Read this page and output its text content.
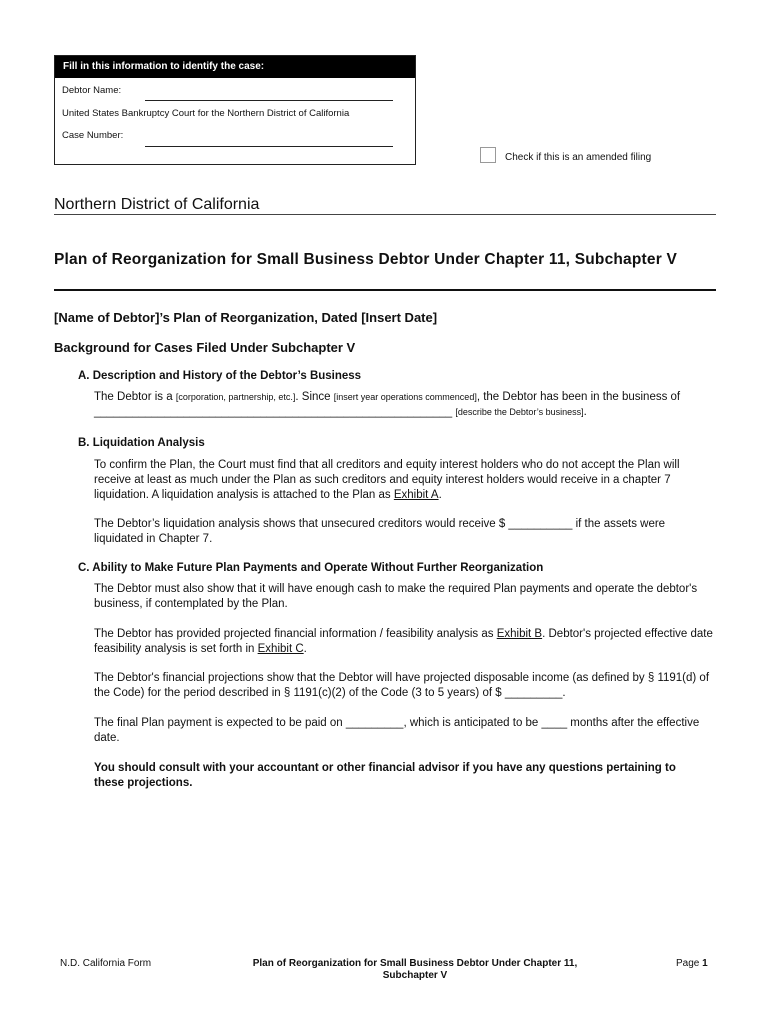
Fill in this information to identify the case:
Debtor Name:
United States Bankruptcy Court for the Northern District of California
Case Number:
Check if this is an amended filing
Northern District of California
Plan of Reorganization for Small Business Debtor Under Chapter 11, Subchapter V
[Name of Debtor]’s Plan of Reorganization, Dated [Insert Date]
Background for Cases Filed Under Subchapter V
A. Description and History of the Debtor’s Business
The Debtor is a [corporation, partnership, etc.]. Since [insert year operations commenced], the Debtor has been in the business of ________________________________________________________ [describe the Debtor’s business].
B. Liquidation Analysis
To confirm the Plan, the Court must find that all creditors and equity interest holders who do not accept the Plan will receive at least as much under the Plan as such creditors and equity interest holders would receive in a chapter 7 liquidation. A liquidation analysis is attached to the Plan as Exhibit A.
The Debtor’s liquidation analysis shows that unsecured creditors would receive $ __________ if the assets were liquidated in Chapter 7.
C. Ability to Make Future Plan Payments and Operate Without Further Reorganization
The Debtor must also show that it will have enough cash to make the required Plan payments and operate the debtor's business, if contemplated by the Plan.
The Debtor has provided projected financial information / feasibility analysis as Exhibit B. Debtor's projected effective date feasibility analysis is set forth in Exhibit C.
The Debtor's financial projections show that the Debtor will have projected disposable income (as defined by § 1191(d) of the Code) for the period described in § 1191(c)(2) of the Code (3 to 5 years) of $ _________.
The final Plan payment is expected to be paid on _________, which is anticipated to be ____ months after the effective date.
You should consult with your accountant or other financial advisor if you have any questions pertaining to these projections.
N.D. California Form	Plan of Reorganization for Small Business Debtor Under Chapter 11,
Subchapter V
Page 1
